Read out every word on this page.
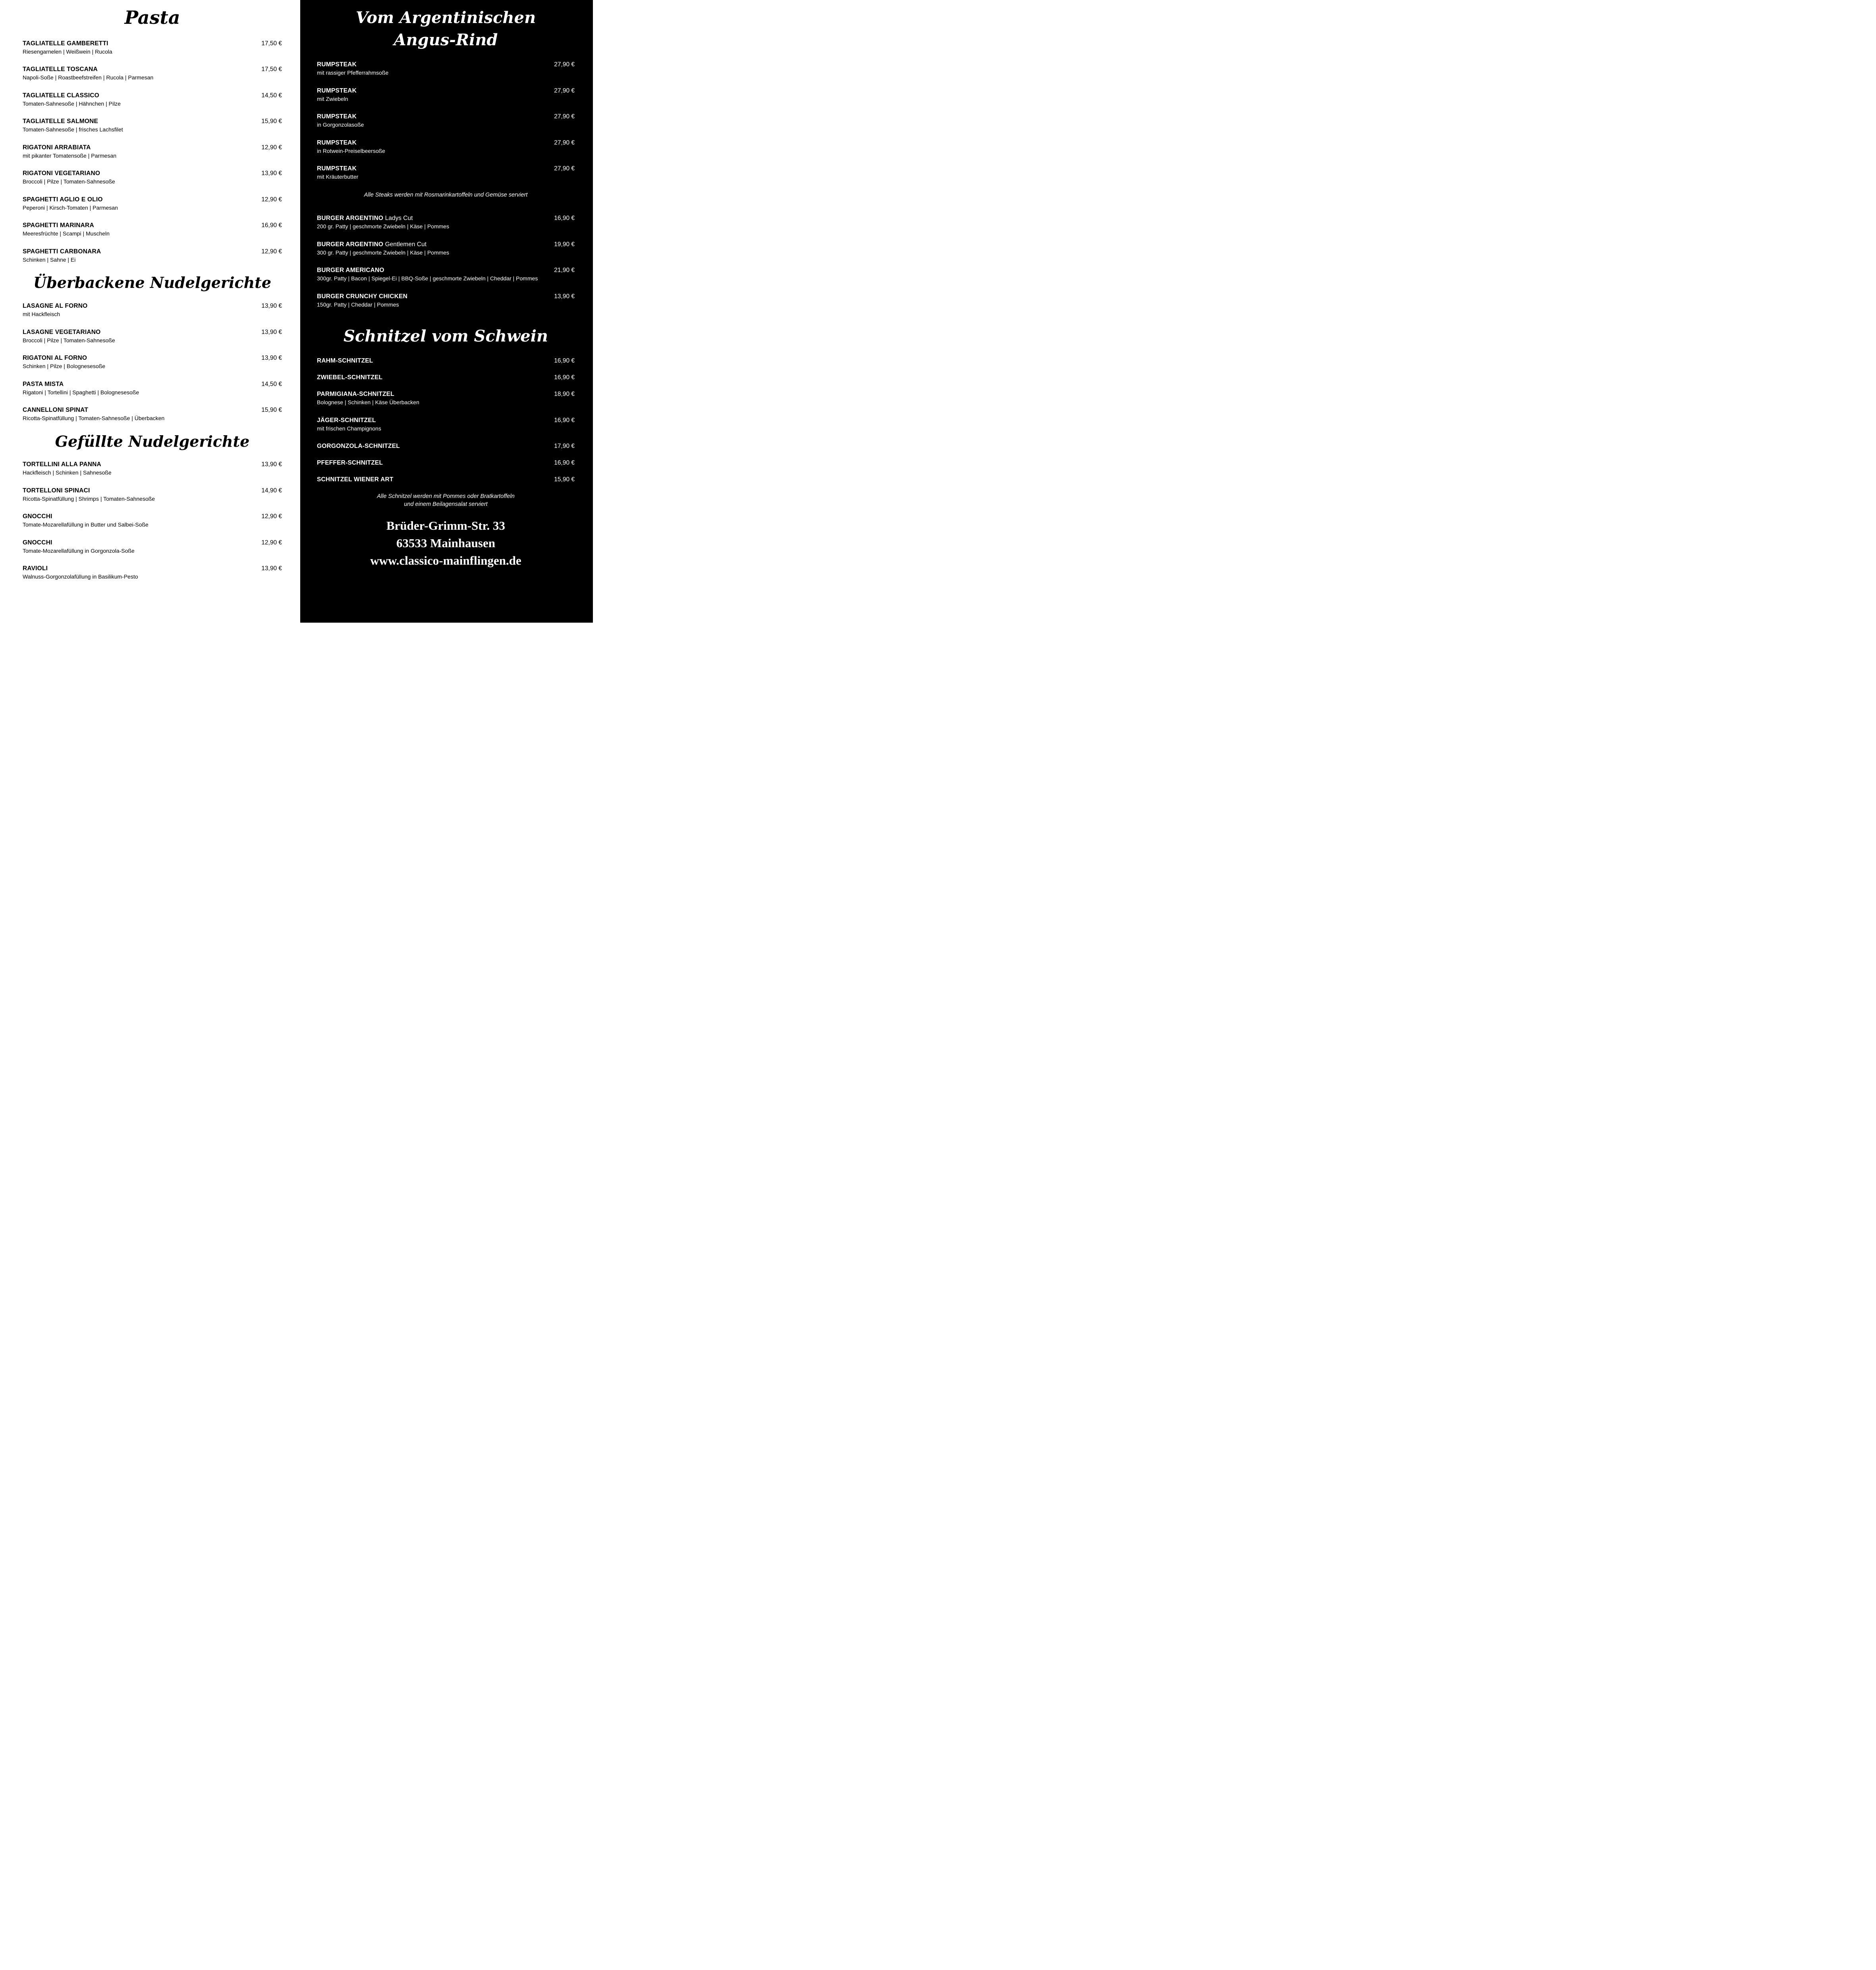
Pasta
TAGLIATELLE GAMBERETTI	17,50 €
Riesengarnelen | Weißwein | Rucola
TAGLIATELLE TOSCANA	17,50 €
Napoli-Soße | Roastbeefstreifen | Rucola | Parmesan
TAGLIATELLE CLASSICO	14,50 €
Tomaten-Sahnesoße | Hähnchen | Pilze
TAGLIATELLE SALMONE	15,90 €
Tomaten-Sahnesoße | frisches Lachsfilet
RIGATONI ARRABIATA	12,90 €
mit pikanter Tomatensoße | Parmesan
RIGATONI VEGETARIANO	13,90 €
Broccoli | Pilze | Tomaten-Sahnesoße
SPAGHETTI AGLIO E OLIO	12,90 €
Peperoni | Kirsch-Tomaten | Parmesan
SPAGHETTI MARINARA	16,90 €
Meeresfrüchte | Scampi | Muscheln
SPAGHETTI CARBONARA	12,90 €
Schinken | Sahne | Ei
Überbackene Nudelgerichte
LASAGNE AL FORNO	13,90 €
mit Hackfleisch
LASAGNE VEGETARIANO	13,90 €
Broccoli | Pilze | Tomaten-Sahnesoße
RIGATONI AL FORNO	13,90 €
Schinken | Pilze | Bolognesesoße
PASTA MISTA	14,50 €
Rigatoni | Tortellini | Spaghetti | Bolognesesoße
CANNELLONI SPINAT	15,90 €
Ricotta-Spinatfüllung | Tomaten-Sahnesoße | Überbacken
Gefüllte Nudelgerichte
TORTELLINI ALLA PANNA	13,90 €
Hackfleisch | Schinken | Sahnesoße
TORTELLONI SPINACI	14,90 €
Ricotta-Spinatfüllung | Shrimps | Tomaten-Sahnesoße
GNOCCHI	12,90 €
Tomate-Mozarellafüllung in Butter und Salbei-Soße
GNOCCHI	12,90 €
Tomate-Mozarellafüllung in Gorgonzola-Soße
RAVIOLI	13,90 €
Walnuss-Gorgonzolafüllung in Basilikum-Pesto
Vom Argentinischen
Angus-Rind
RUMPSTEAK	27,90 €
mit rassiger Pfefferrahmsoße
RUMPSTEAK	27,90 €
mit Zwiebeln
RUMPSTEAK	27,90 €
in Gorgonzolasoße
RUMPSTEAK	27,90 €
in Rotwein-Preiselbeersoße
RUMPSTEAK	27,90 €
mit Kräuterbutter
Alle Steaks werden mit Rosmarinkartoffeln und Gemüse serviert
BURGER ARGENTINO Ladys Cut	16,90 €
200 gr. Patty | geschmorte Zwiebeln | Käse | Pommes
BURGER ARGENTINO Gentlemen Cut	19,90 €
300 gr. Patty | geschmorte Zwiebeln | Käse | Pommes
BURGER AMERICANO	21,90 €
300gr. Patty | Bacon | Spiegel-Ei | BBQ-Soße | geschmorte Zwiebeln | Cheddar | Pommes
BURGER CRUNCHY CHICKEN	13,90 €
150gr. Patty | Cheddar | Pommes
Schnitzel vom Schwein
RAHM-SCHNITZEL	16,90 €
ZWIEBEL-SCHNITZEL	16,90 €
PARMIGIANA-SCHNITZEL	18,90 €
Bolognese | Schinken | Käse Überbacken
JÄGER-SCHNITZEL	16,90 €
mit frischen Champignons
GORGONZOLA-SCHNITZEL	17,90 €
PFEFFER-SCHNITZEL	16,90 €
SCHNITZEL WIENER ART	15,90 €
Alle Schnitzel werden mit Pommes oder Bratkartoffeln
und einem Beilagensalat serviert
Brüder-Grimm-Str. 33
63533 Mainhausen
www.classico-mainflingen.de
